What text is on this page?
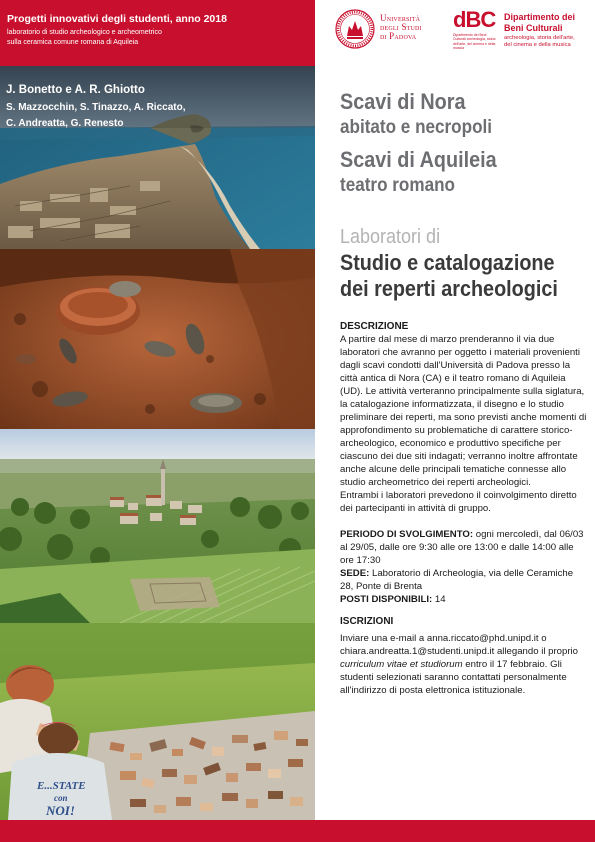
Progetti innovativi degli studenti, anno 2018
laboratorio di studio archeologico e archeometrico
sulla ceramica comune romana di Aquileia
Università
degli Studi
di Padova
dBC
Dipartimento dei Beni Culturali archeologia, storia dell'arte, del cinema e della musica
Dipartimento dei
Beni Culturali
archeologia, storia dell'arte,
del cinema e della musica
E...STATE
con
NOI!
J. Bonetto e A. R. Ghiotto
S. Mazzocchin, S. Tinazzo, A. Riccato,
C. Andreatta, G. Renesto
Scavi di Nora
abitato e necropoli
Scavi di Aquileia
teatro romano
Laboratori di
Studio e catalogazione
dei reperti archeologici

DESCRIZIONE

A partire dal mese di marzo prenderanno il via due laboratori che avranno per oggetto i materiali provenienti dagli scavi condotti dall'Università di Padova presso la città antica di Nora (CA) e il teatro romano di Aquileia (UD). Le attività verteranno principalmente sulla siglatura, la catalogazione informatizzata, il disegno e lo studio preliminare dei reperti, ma sono previsti anche momenti di approfondimento su problematiche di carattere storico-archeologico, economico e produttivo specifiche per ciascuno dei due siti indagati; verranno inoltre affrontate anche alcune delle principali tematiche connesse allo studio archeometrico dei reperti archeologici.

Entrambi i laboratori prevedono il coinvolgimento diretto dei partecipanti in attività di gruppo.

PERIODO DI SVOLGIMENTO: ogni mercoledì, dal 06/03 al 29/05, dalle ore 9:30 alle ore 13:00 e dalle 14:00 alle ore 17:30

SEDE: Laboratorio di Archeologia, via delle Ceramiche 28, Ponte di Brenta

POSTI DISPONIBILI: 14

ISCRIZIONI

Inviare una e-mail a anna.riccato@phd.unipd.it o chiara.andreatta.1@studenti.unipd.it allegando il proprio curriculum vitae et studiorum entro il 17 febbraio. Gli studenti selezionati saranno contattati personalmente all'indirizzo di posta elettronica istituzionale.
